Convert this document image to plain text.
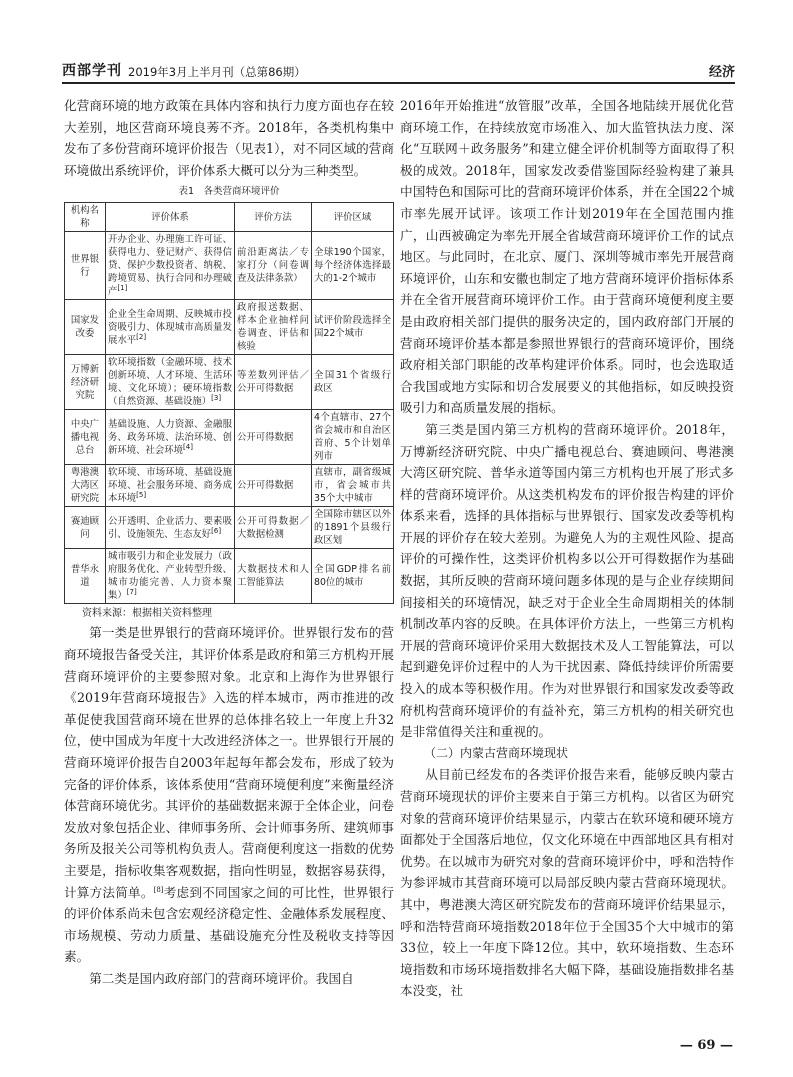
西部学刊 2019年3月上半月刊（总第86期）	经济

化营商环境的地方政策在具体内容和执行力度方面也存在较大差别，地区营商环境良莠不齐。2018年，各类机构集中发布了多份营商环境评价报告（见表1），对不同区域的营商环境做出系统评价，评价体系大概可以分为三种类型。

表1　各类营商环境评价
机构名称	评价体系	评价方法	评价区域
世界银行	开办企业、办理施工许可证、获得电力、登记财产、获得信贷、保护少数投资者、纳税、跨境贸易、执行合同和办理破产[1]	前沿距离法／专家打分（问卷调查及法律条款）	全球190个国家，每个经济体选择最大的1-2个城市
国家发改委	企业全生命周期、反映城市投资吸引力、体现城市高质量发展水平[2]	政府报送数据、样本企业抽样问卷调查、评估和核验	试评价阶段选择全国22个城市
万博新经济研究院	软环境指数（金融环境、技术创新环境、人才环境、生活环境、文化环境）；硬环境指数（自然资源、基础设施）[3]	等差数列评估／公开可得数据	全国31个省级行政区
中央广播电视总台	基础设施、人力资源、金融服务、政务环境、法治环境、创新环境、社会环境[4]	公开可得数据	4个直辖市、27个省会城市和自治区首府、5个计划单列市
粤港澳大湾区研究院	软环境、市场环境、基础设施环境、社会服务环境、商务成本环境[5]	公开可得数据	直辖市，副省级城市，省会城市共35个大中城市
赛迪顾问	公开透明、企业活力、要素吸引、设施领先、生态友好[6]	公开可得数据／大数据检测	全国除市辖区以外的1891个县级行政区划
普华永道	城市吸引力和企业发展力（政府服务优化、产业转型升级、城市功能完善、人力资本聚集）[7]	大数据技术和人工智能算法	全国GDP排名前80位的城市
资料来源：根据相关资料整理

第一类是世界银行的营商环境评价。世界银行发布的营商环境报告备受关注，其评价体系是政府和第三方机构开展营商环境评价的主要参照对象。北京和上海作为世界银行《2019年营商环境报告》入选的样本城市，两市推进的改革促使我国营商环境在世界的总体排名较上一年度上升32位，使中国成为年度十大改进经济体之一。世界银行开展的营商环境评价报告自2003年起每年都会发布，形成了较为完备的评价体系，该体系使用“营商环境便利度”来衡量经济体营商环境优劣。其评价的基础数据来源于全体企业，问卷发放对象包括企业、律师事务所、会计师事务所、建筑师事务所及报关公司等机构负责人。营商便利度这一指数的优势主要是，指标收集客观数据，指向性明显，数据容易获得，计算方法简单。[8]考虑到不同国家之间的可比性，世界银行的评价体系尚未包含宏观经济稳定性、金融体系发展程度、市场规模、劳动力质量、基础设施充分性及税收支持等因素。

第二类是国内政府部门的营商环境评价。我国自

2016年开始推进“放管服”改革，全国各地陆续开展优化营商环境工作，在持续放宽市场准入、加大监管执法力度、深化“互联网＋政务服务”和建立健全评价机制等方面取得了积极的成效。2018年，国家发改委借鉴国际经验构建了兼具中国特色和国际可比的营商环境评价体系，并在全国22个城市率先展开试评。该项工作计划2019年在全国范围内推广，山西被确定为率先开展全省域营商环境评价工作的试点地区。与此同时，在北京、厦门、深圳等城市率先开展营商环境评价，山东和安徽也制定了地方营商环境评价指标体系并在全省开展营商环境评价工作。由于营商环境便利度主要是由政府相关部门提供的服务决定的，国内政府部门开展的营商环境评价基本都是参照世界银行的营商环境评价，围绕政府相关部门职能的改革构建评价体系。同时，也会选取适合我国或地方实际和切合发展要义的其他指标，如反映投资吸引力和高质量发展的指标。

第三类是国内第三方机构的营商环境评价。2018年，万博新经济研究院、中央广播电视总台、赛迪顾问、粤港澳大湾区研究院、普华永道等国内第三方机构也开展了形式多样的营商环境评价。从这类机构发布的评价报告构建的评价体系来看，选择的具体指标与世界银行、国家发改委等机构开展的评价存在较大差别。为避免人为的主观性风险、提高评价的可操作性，这类评价机构多以公开可得数据作为基础数据，其所反映的营商环境问题多体现的是与企业存续期间间接相关的环境情况，缺乏对于企业全生命周期相关的体制机制改革内容的反映。在具体评价方法上，一些第三方机构开展的营商环境评价采用大数据技术及人工智能算法，可以起到避免评价过程中的人为干扰因素、降低持续评价所需要投入的成本等积极作用。作为对世界银行和国家发改委等政府机构营商环境评价的有益补充，第三方机构的相关研究也是非常值得关注和重视的。

（二）内蒙古营商环境现状

从目前已经发布的各类评价报告来看，能够反映内蒙古营商环境现状的评价主要来自于第三方机构。以省区为研究对象的营商环境评价结果显示，内蒙古在软环境和硬环境方面都处于全国落后地位，仅文化环境在中西部地区具有相对优势。在以城市为研究对象的营商环境评价中，呼和浩特作为参评城市其营商环境可以局部反映内蒙古营商环境现状。其中，粤港澳大湾区研究院发布的营商环境评价结果显示，呼和浩特营商环境指数2018年位于全国35个大中城市的第33位，较上一年度下降12位。其中，软环境指数、生态环境指数和市场环境指数排名大幅下降，基础设施指数排名基本没变，社

— 69 —
